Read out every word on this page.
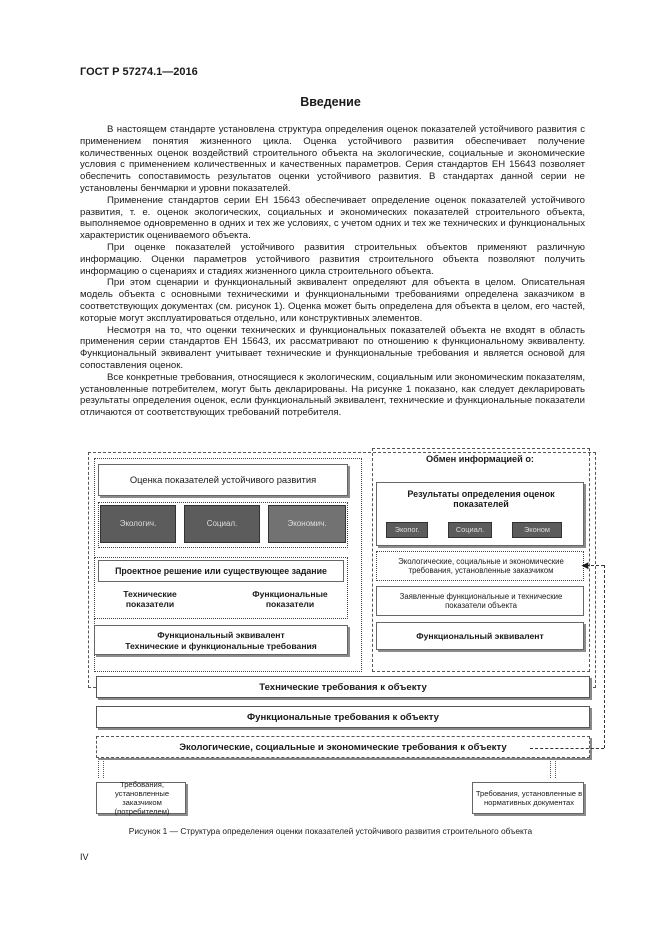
ГОСТ Р 57274.1—2016
Введение

В настоящем стандарте установлена структура определения оценок показателей устойчивого развития с применением понятия жизненного цикла. Оценка устойчивого развития обеспечивает получение количественных оценок воздействий строительного объекта на экологические, социальные и экономические условия с применением количественных и качественных параметров. Серия стандартов ЕН 15643 позволяет обеспечить сопоставимость результатов оценки устойчивого развития. В стандартах данной серии не установлены бенчмарки и уровни показателей.

Применение стандартов серии ЕН 15643 обеспечивает определение оценок показателей устойчивого развития, т. е. оценок экологических, социальных и экономических показателей строительного объекта, выполняемое одновременно в одних и тех же условиях, с учетом одних и тех же технических и функциональных характеристик оцениваемого объекта.

При оценке показателей устойчивого развития строительных объектов применяют различную информацию. Оценки параметров устойчивого развития строительного объекта позволяют получить информацию о сценариях и стадиях жизненного цикла строительного объекта.

При этом сценарии и функциональный эквивалент определяют для объекта в целом. Описательная модель объекта с основными техническими и функциональными требованиями определена заказчиком в соответствующих документах (см. рисунок 1). Оценка может быть определена для объекта в целом, его частей, которые могут эксплуатироваться отдельно, или конструктивных элементов.

Несмотря на то, что оценки технических и функциональных показателей объекта не входят в область применения серии стандартов ЕН 15643, их рассматривают по отношению к функциональному эквиваленту. Функциональный эквивалент учитывает технические и функциональные требования и является основой для сопоставления оценок.

Все конкретные требования, относящиеся к экологическим, социальным или экономическим показателям, установленные потребителем, могут быть декларированы. На рисунке 1 показано, как следует декларировать результаты определения оценок, если функциональный эквивалент, технические и функциональные показатели отличаются от соответствующих требований потребителя.

Оценка показателей устойчивого развития
Экологич.	Социал.	Экономич.
Проектное решение или существующее задание
Технические
показатели
Функциональные
показатели
Функциональный эквивалент
Технические и функциональные требования
Обмен информацией о:
Результаты определения оценок показателей
Экопог.	Социал.	Эконом
Экологические, социальные и экономические требования, установленные заказчиком
Заявленные функциональные и технические показатели объекта
Функциональный эквивалент
Технические требования к объекту
Функциональные требования к объекту
Экологические, социальные и экономические требования к объекту
◀
Требования, установленные заказчиком (потребителем)
Требования, установленные в нормативных документах
Рисунок 1 — Структура определения оценки показателей устойчивого развития строительного объекта
IV
